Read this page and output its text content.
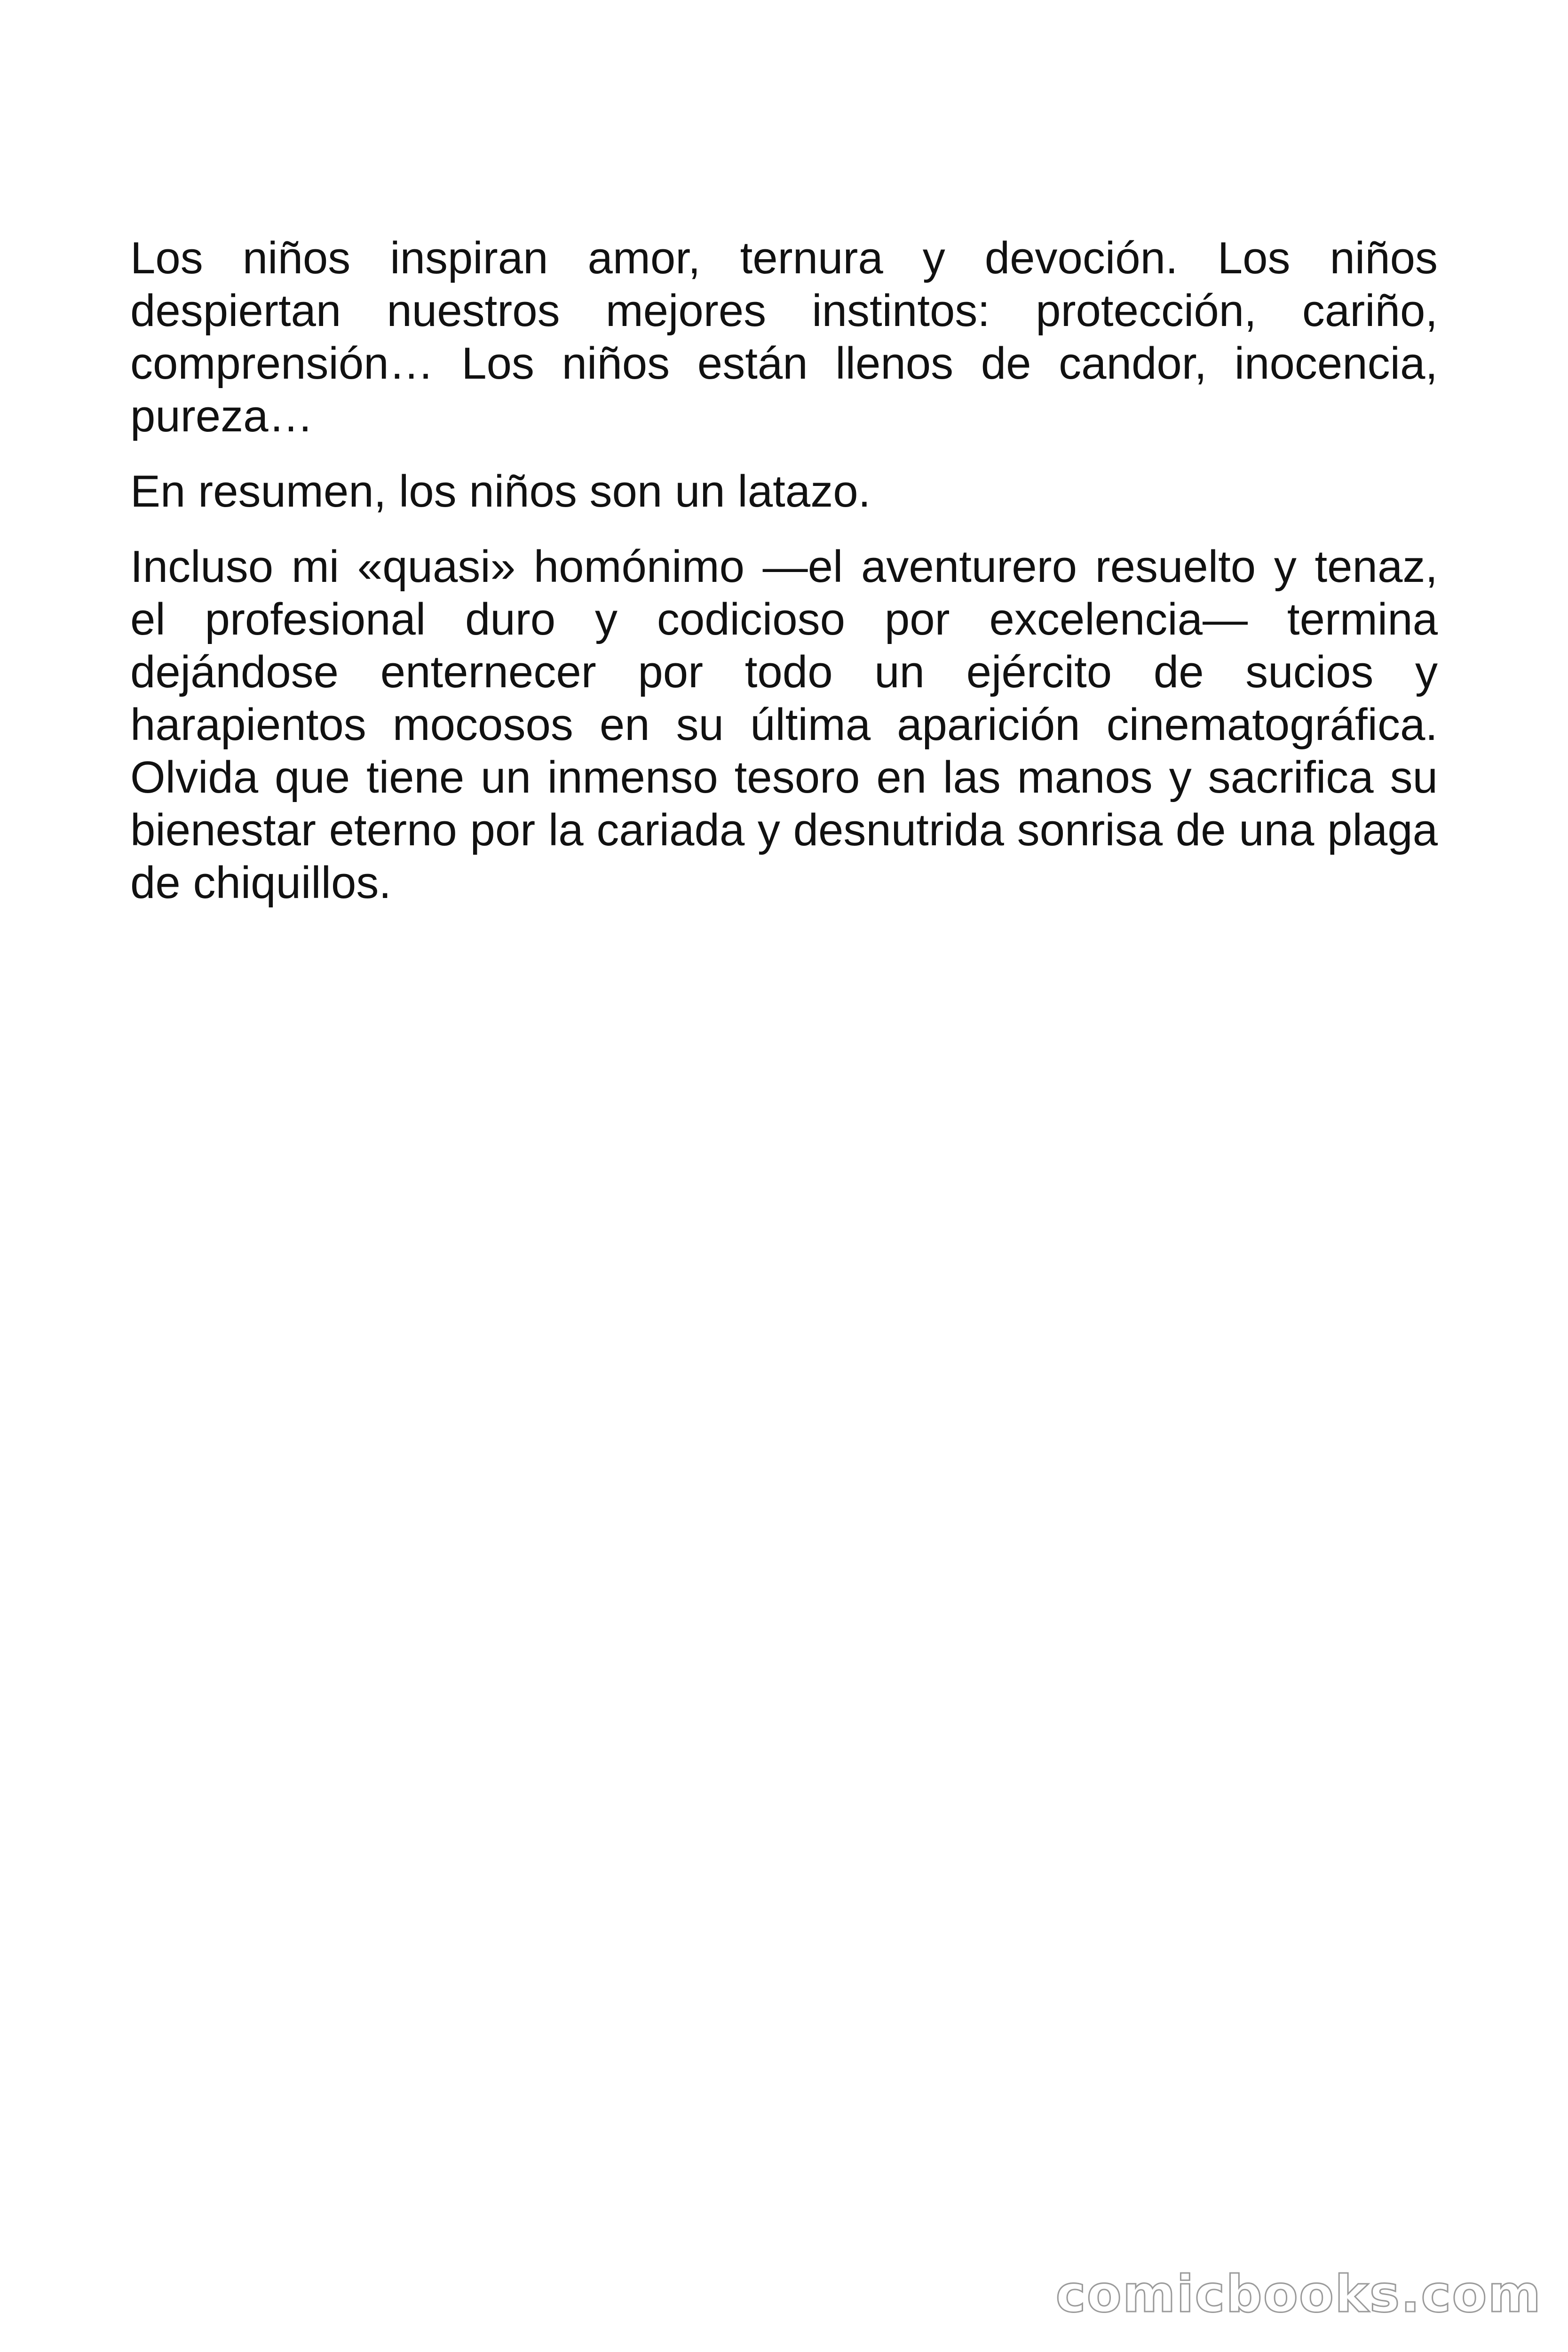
Los niños inspiran amor, ternura y devoción. Los niños despiertan nuestros mejores instintos: protección, cariño, comprensión… Los niños están llenos de candor, inocencia, pureza…

En resumen, los niños son un latazo.

Incluso mi «quasi» homónimo —el aventurero resuelto y tenaz, el profesional duro y codicioso por excelencia— termina dejándose enternecer por todo un ejército de sucios y harapientos mocosos en su última aparición cinematográfica. Olvida que tiene un inmenso tesoro en las manos y sacrifica su bienestar eterno por la cariada y desnutrida sonrisa de una plaga de chiquillos.

comicbooks.com
